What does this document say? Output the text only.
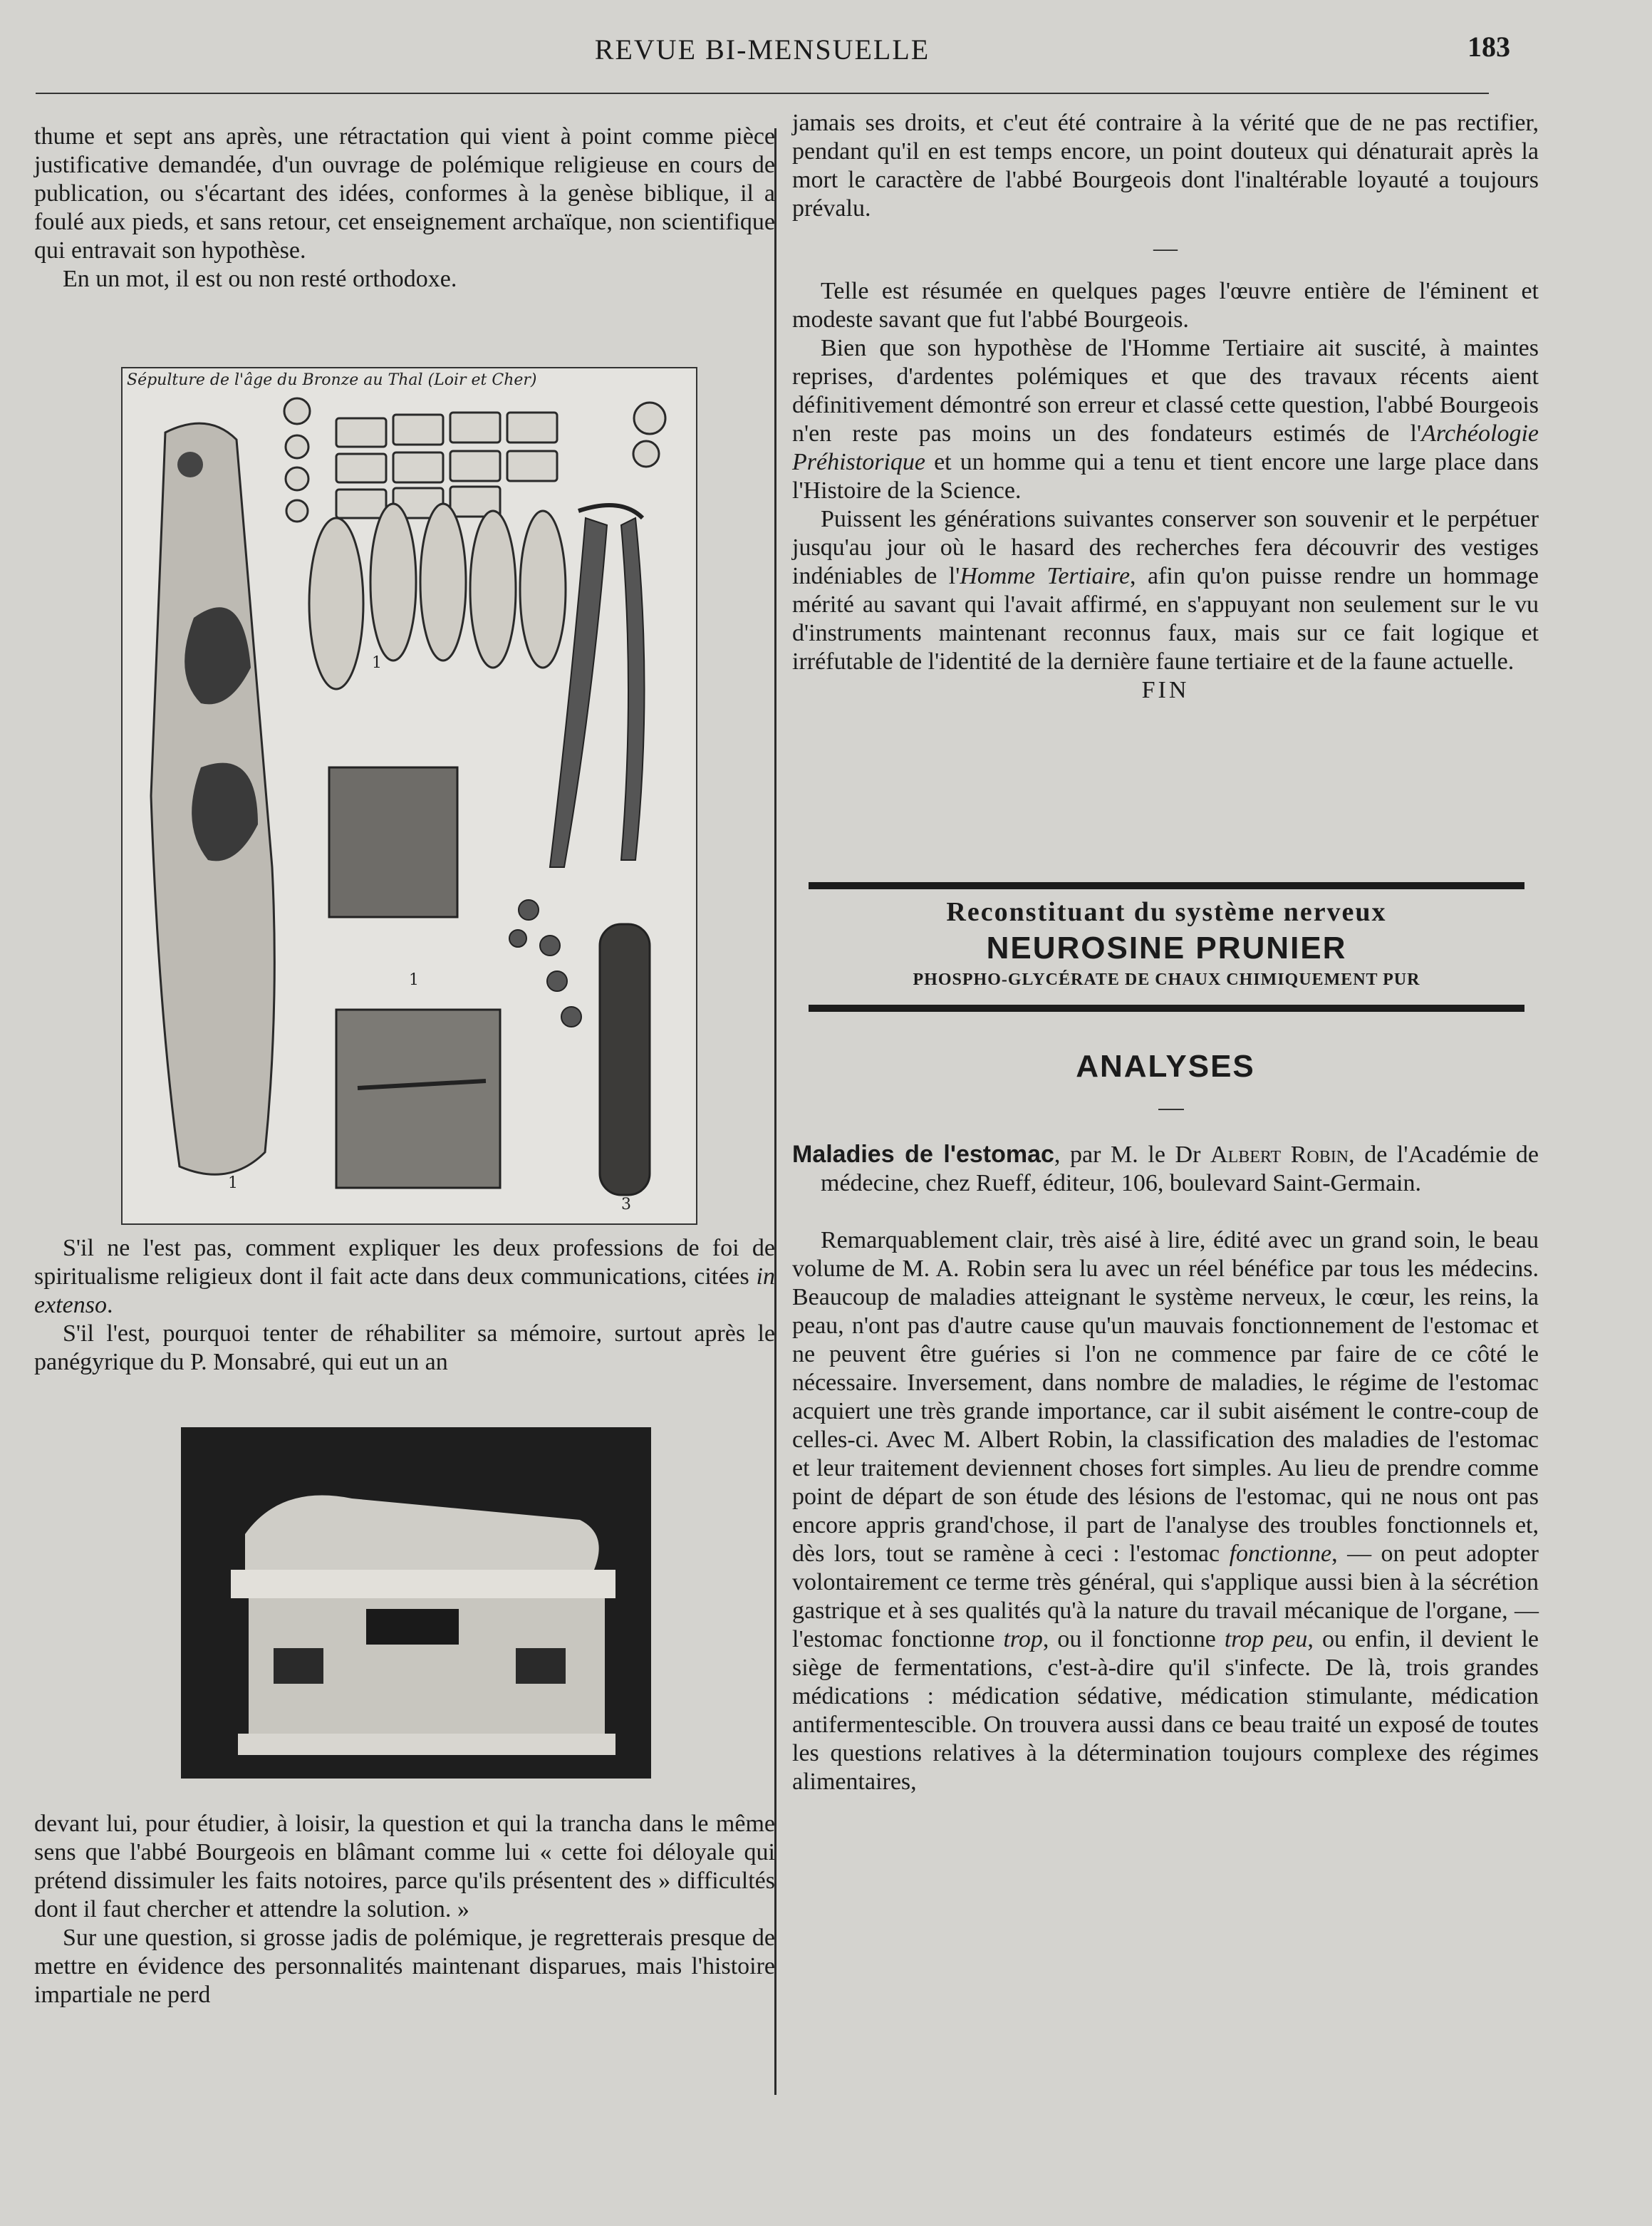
REVUE BI-MENSUELLE	183

thume et sept ans après, une rétractation qui vient à point comme pièce justificative demandée, d'un ouvrage de polémique religieuse en cours de publication, ou s'écartant des idées, conformes à la genèse biblique, il a foulé aux pieds, et sans retour, cet enseignement archaïque, non scientifique qui entravait son hypothèse.

En un mot, il est ou non resté orthodoxe.

Sépulture de l'âge du Bronze au Thal (Loir et Cher)
1
1
3
1

S'il ne l'est pas, comment expliquer les deux professions de foi de spiritualisme religieux dont il fait acte dans deux communications, citées in extenso.

S'il l'est, pourquoi tenter de réhabiliter sa mémoire, surtout après le panégyrique du P. Monsabré, qui eut un an

devant lui, pour étudier, à loisir, la question et qui la trancha dans le même sens que l'abbé Bourgeois en blâmant comme lui « cette foi déloyale qui prétend dissimuler les faits notoires, parce qu'ils présentent des » difficultés dont il faut chercher et attendre la solution. »

Sur une question, si grosse jadis de polémique, je regretterais presque de mettre en évidence des personnalités maintenant disparues, mais l'histoire impartiale ne perd

jamais ses droits, et c'eut été contraire à la vérité que de ne pas rectifier, pendant qu'il en est temps encore, un point douteux qui dénaturait après la mort le caractère de l'abbé Bourgeois dont l'inaltérable loyauté a toujours prévalu.

—

Telle est résumée en quelques pages l'œuvre entière de l'éminent et modeste savant que fut l'abbé Bourgeois.

Bien que son hypothèse de l'Homme Tertiaire ait suscité, à maintes reprises, d'ardentes polémiques et que des travaux récents aient définitivement démontré son erreur et classé cette question, l'abbé Bourgeois n'en reste pas moins un des fondateurs estimés de l'Archéologie Préhistorique et un homme qui a tenu et tient encore une large place dans l'Histoire de la Science.

Puissent les générations suivantes conserver son souvenir et le perpétuer jusqu'au jour où le hasard des recherches fera découvrir des vestiges indéniables de l'Homme Tertiaire, afin qu'on puisse rendre un hommage mérité au savant qui l'avait affirmé, en s'appuyant non seulement sur le vu d'instruments maintenant reconnus faux, mais sur ce fait logique et irréfutable de l'identité de la dernière faune tertiaire et de la faune actuelle.

FIN

Reconstituant du système nerveux
NEUROSINE PRUNIER
PHOSPHO-GLYCÉRATE DE CHAUX CHIMIQUEMENT PUR
ANALYSES

Maladies de l'estomac, par M. le Dr Albert Robin, de l'Académie de médecine, chez Rueff, éditeur, 106, boulevard Saint-Germain.

Remarquablement clair, très aisé à lire, édité avec un grand soin, le beau volume de M. A. Robin sera lu avec un réel bénéfice par tous les médecins. Beaucoup de maladies atteignant le système nerveux, le cœur, les reins, la peau, n'ont pas d'autre cause qu'un mauvais fonctionnement de l'estomac et ne peuvent être guéries si l'on ne commence par faire de ce côté le nécessaire. Inversement, dans nombre de maladies, le régime de l'estomac acquiert une très grande importance, car il subit aisément le contre-coup de celles-ci. Avec M. Albert Robin, la classification des maladies de l'estomac et leur traitement deviennent choses fort simples. Au lieu de prendre comme point de départ de son étude des lésions de l'estomac, qui ne nous ont pas encore appris grand'chose, il part de l'analyse des troubles fonctionnels et, dès lors, tout se ramène à ceci : l'estomac fonctionne, — on peut adopter volontairement ce terme très général, qui s'applique aussi bien à la sécrétion gastrique et à ses qualités qu'à la nature du travail mécanique de l'organe, — l'estomac fonctionne trop, ou il fonctionne trop peu, ou enfin, il devient le siège de fermentations, c'est-à-dire qu'il s'infecte. De là, trois grandes médications : médication sédative, médication stimulante, médication antifermentescible. On trouvera aussi dans ce beau traité un exposé de toutes les questions relatives à la détermination toujours complexe des régimes alimentaires,
